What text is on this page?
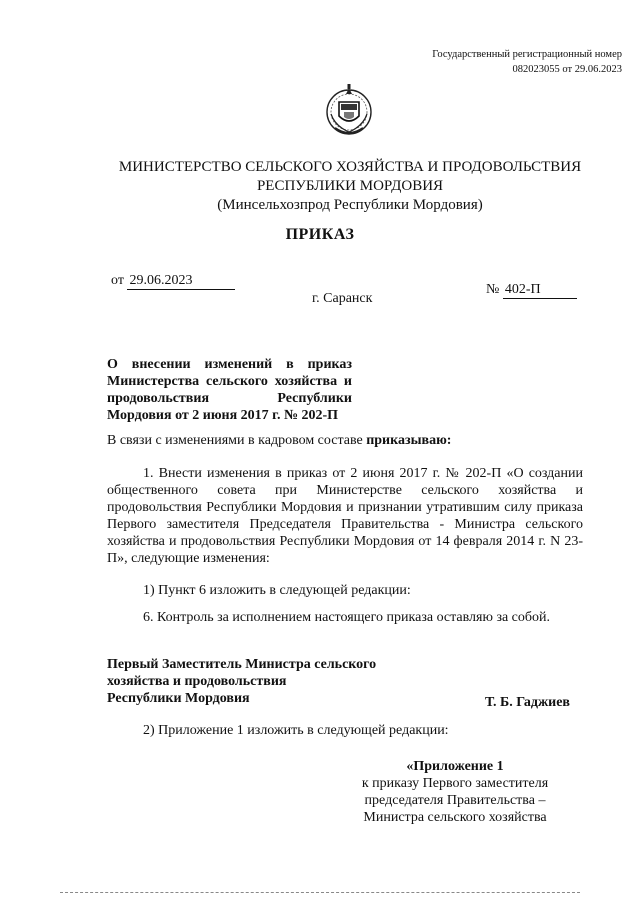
Государственный регистрационный номер
082023055 от 29.06.2023
МИНИСТЕРСТВО СЕЛЬСКОГО ХОЗЯЙСТВА И ПРОДОВОЛЬСТВИЯ
РЕСПУБЛИКИ МОРДОВИЯ
(Минсельхозпрод Республики Мордовия)
ПРИКАЗ
от 29.06.2023
г. Саранск
№ 402-П
О внесении изменений в приказ Министерства сельского хозяйства и продовольствия Республики Мордовия от 2 июня 2017 г. № 202-П
В связи с изменениями в кадровом составе приказываю:
1. Внести изменения в приказ от 2 июня 2017 г. № 202-П «О создании общественного совета при Министерстве сельского хозяйства и продовольствия Республики Мордовия и признании утратившим силу приказа Первого заместителя Председателя Правительства - Министра сельского хозяйства и продовольствия Республики Мордовия от 14 февраля 2014 г. N 23-П», следующие изменения:
1) Пункт 6 изложить в следующей редакции:
6. Контроль за исполнением настоящего приказа оставляю за собой.
Первый Заместитель Министра сельского
хозяйства и продовольствия
Республики Мордовия	Т. Б. Гаджиев
2) Приложение 1 изложить в следующей редакции:
«Приложение 1
к приказу Первого заместителя
председателя Правительства –
Министра сельского хозяйства
